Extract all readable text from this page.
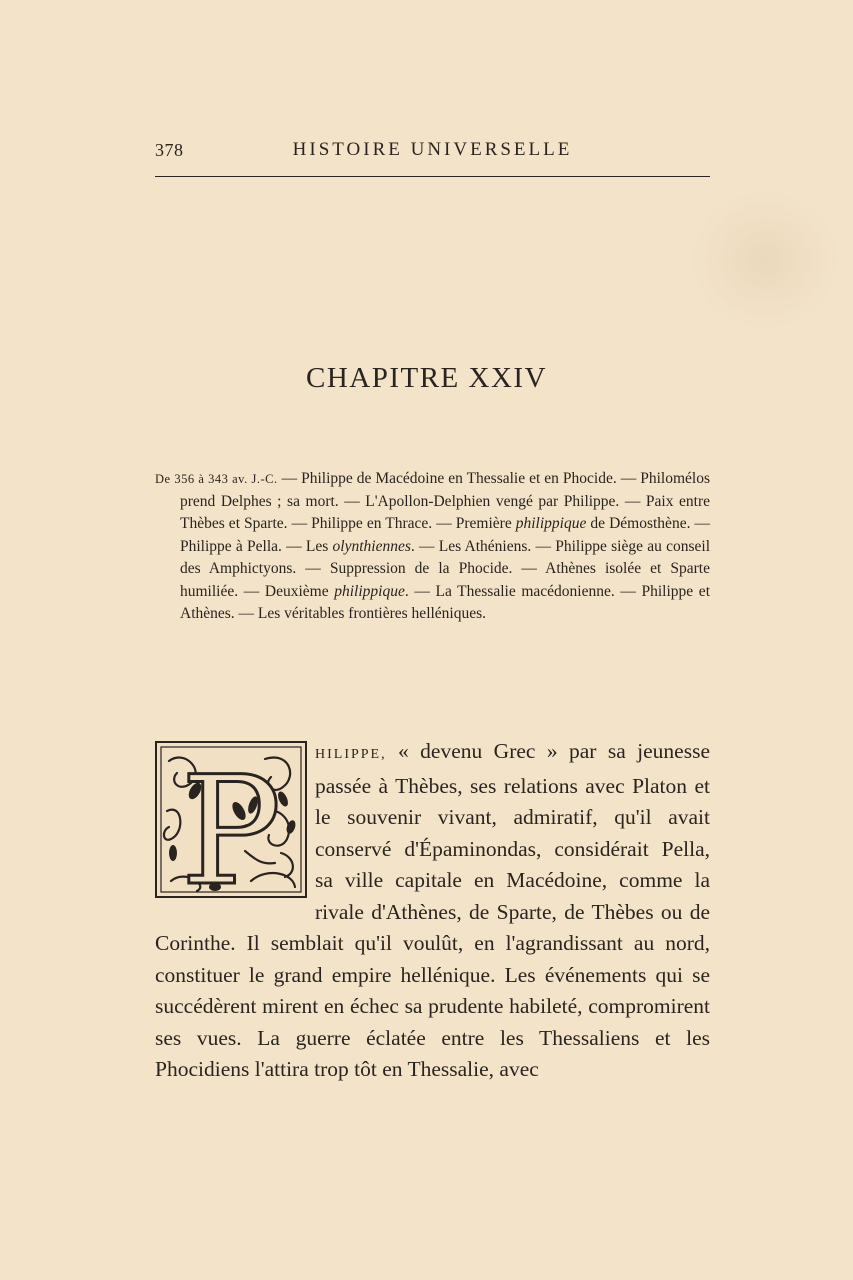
378	HISTOIRE UNIVERSELLE
CHAPITRE XXIV

De 356 à 343 av. J.-C. — Philippe de Macédoine en Thessalie et en Phocide. — Philomélos prend Delphes ; sa mort. — L'Apollon-Delphien vengé par Philippe. — Paix entre Thèbes et Sparte. — Philippe en Thrace. — Première philippique de Démosthène. — Philippe à Pella. — Les olynthiennes. — Les Athéniens. — Philippe siège au conseil des Amphictyons. — Suppression de la Phocide. — Athènes isolée et Sparte humiliée. — Deuxième philippique. — La Thessalie macédonienne. — Philippe et Athènes. — Les véritables frontières helléniques.

P	HILIPPE, « devenu Grec » par sa jeunesse passée à Thèbes, ses relations avec Platon et le souvenir vivant, admiratif, qu'il avait conservé d'Épaminondas, considérait Pella, sa ville capitale en Macédoine, comme la rivale d'Athènes, de Sparte, de Thèbes ou de Corinthe. Il semblait qu'il voulût, en l'agrandissant au nord, constituer le grand empire hellénique. Les événements qui se succédèrent mirent en échec sa prudente habileté, compromirent ses vues. La guerre éclatée entre les Thessaliens et les Phocidiens l'attira trop tôt en Thessalie, avec
